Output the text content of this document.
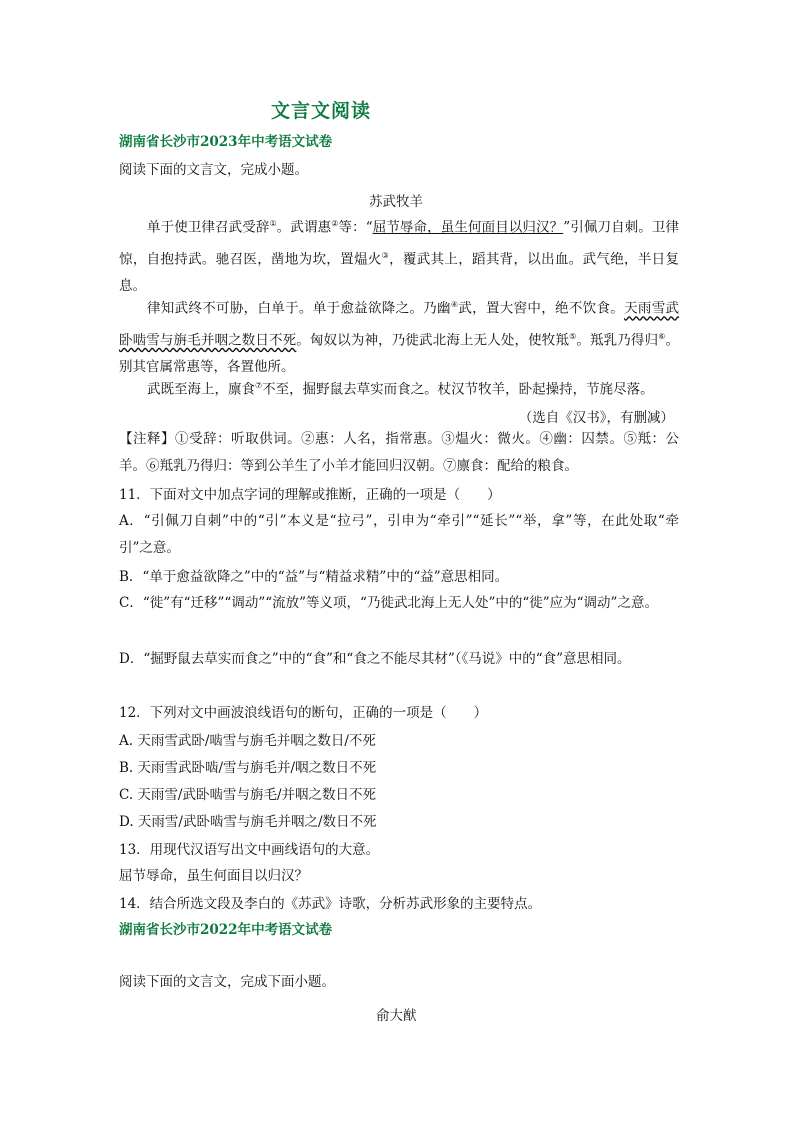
文言文阅读
湖南省长沙市2023年中考语文试卷
阅读下面的文言文，完成小题。
苏武牧羊
单于使卫律召武受辞①。武谓惠②等：“屈节辱命，虽生何面目以归汉？”引佩刀自刺。卫律惊，自抱持武。驰召医，凿地为坎，置煴火③，覆武其上，蹈其背，以出血。武气绝，半日复息。
律知武终不可胁，白单于。单于愈益欲降之。乃幽④武，置大窖中，绝不饮食。天雨雪武卧啮雪与旃毛并咽之数日不死。匈奴以为神，乃徙武北海上无人处，使牧羝⑤。羝乳乃得归⑥。别其官属常惠等，各置他所。
武既至海上，廪食⑦不至，掘野鼠去草实而食之。杖汉节牧羊，卧起操持，节旄尽落。
（选自《汉书》，有删减）
【注释】①受辞：听取供词。②惠：人名，指常惠。③煴火：微火。④幽：囚禁。⑤羝：公羊。⑥羝乳乃得归：等到公羊生了小羊才能回归汉朝。⑦廪食：配给的粮食。
11．下面对文中加点字词的理解或推断，正确的一项是（　　）
A．“引佩刀自刺”中的“引”本义是“拉弓”，引申为“牵引”“延长”“举，拿”等，在此处取“牵引”之意。
B．“单于愈益欲降之”中的“益”与“精益求精”中的“益”意思相同。
C．“徙”有“迁移”“调动”“流放”等义项，“乃徙武北海上无人处”中的“徙”应为“调动”之意。
D．“掘野鼠去草实而食之”中的“食”和“食之不能尽其材”（《马说》中的“食”意思相同。
12．下列对文中画波浪线语句的断句，正确的一项是（　　）
A. 天雨雪武卧/啮雪与旃毛并咽之数日/不死
B. 天雨雪武卧啮/雪与旃毛并/咽之数日不死
C. 天雨雪/武卧啮雪与旃毛/并咽之数日不死
D. 天雨雪/武卧啮雪与旃毛并咽之/数日不死
13．用现代汉语写出文中画线语句的大意。
屈节辱命，虽生何面目以归汉？
14．结合所选文段及李白的《苏武》诗歌，分析苏武形象的主要特点。
湖南省长沙市2022年中考语文试卷
阅读下面的文言文，完成下面小题。
俞大猷
